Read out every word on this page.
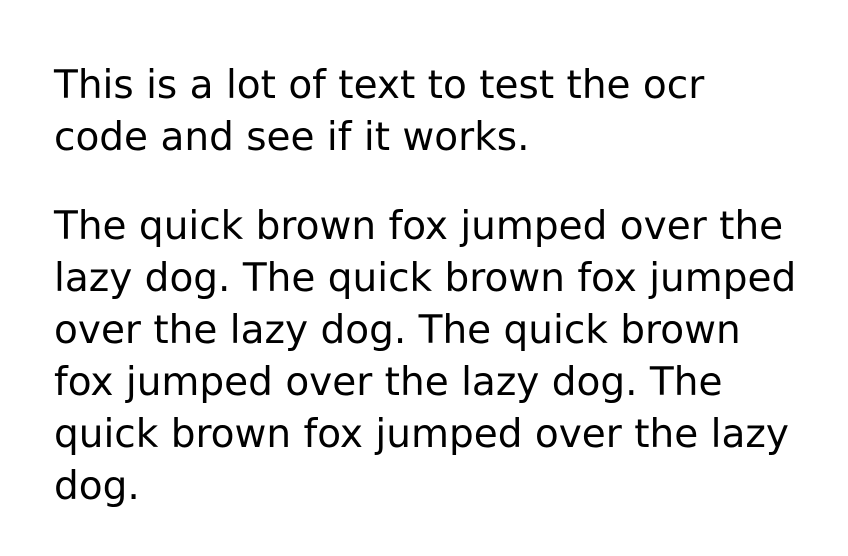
This is a lot of text to test the ocr

code and see if it works.

The quick brown fox jumped over the

lazy dog. The quick brown fox jumped

over the lazy dog. The quick brown

fox jumped over the lazy dog. The

quick brown fox jumped over the lazy

dog.
